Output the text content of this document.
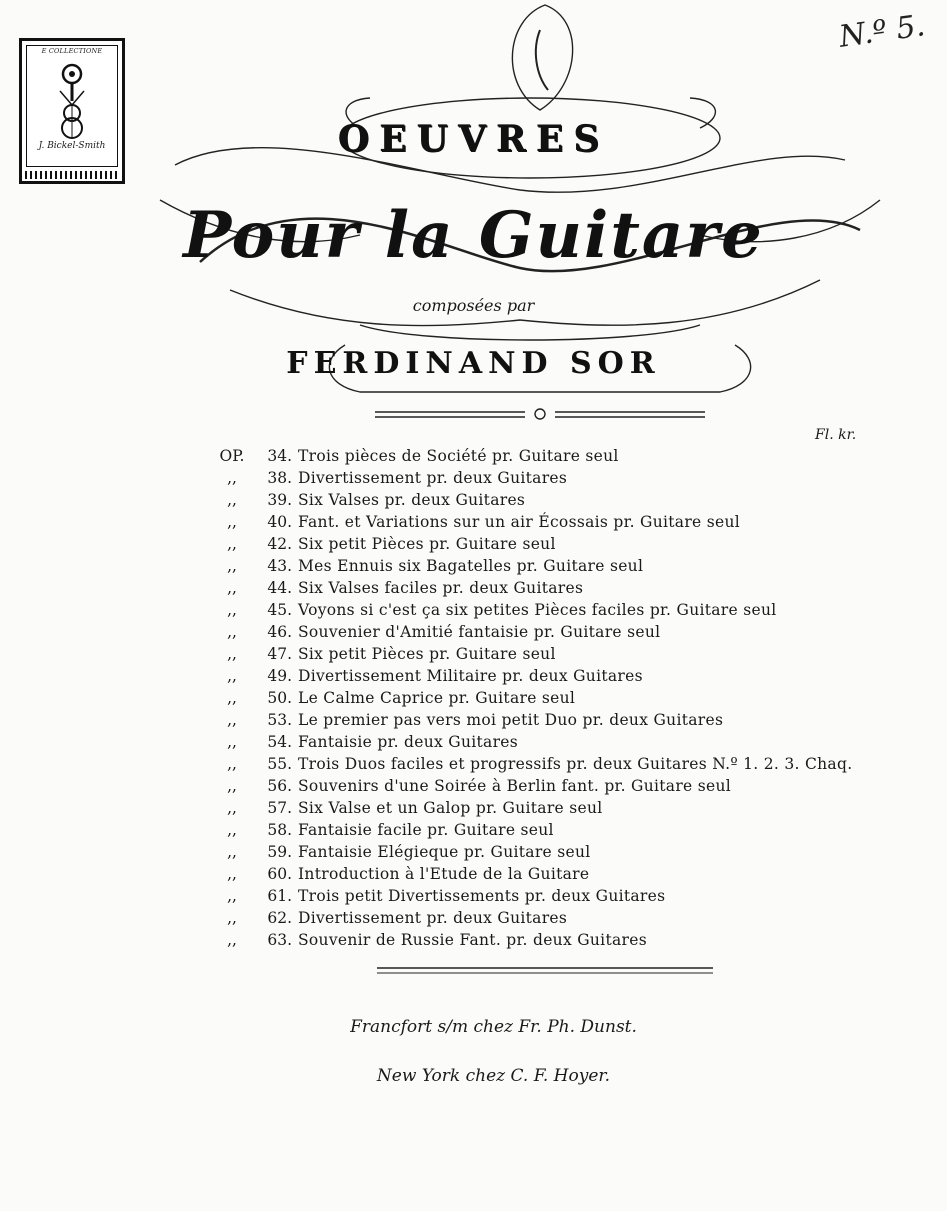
E COLLECTIONE
J. Bickel-Smith
N.º 5.
OEUVRES
Pour la Guitare
composées par
FERDINAND SOR
Fl. kr.
OP. 34. Trois pièces de Société pr. Guitare seul
,, 38. Divertissement pr. deux Guitares
,, 39. Six Valses pr. deux Guitares
,, 40. Fant. et Variations sur un air Écossais pr. Guitare seul
,, 42. Six petit Pièces pr. Guitare seul
,, 43. Mes Ennuis six Bagatelles pr. Guitare seul
,, 44. Six Valses faciles pr. deux Guitares
,, 45. Voyons si c'est ça six petites Pièces faciles pr. Guitare seul
,, 46. Souvenier d'Amitié fantaisie pr. Guitare seul
,, 47. Six petit Pièces pr. Guitare seul
,, 49. Divertissement Militaire pr. deux Guitares
,, 50. Le Calme Caprice pr. Guitare seul
,, 53. Le premier pas vers moi petit Duo pr. deux Guitares
,, 54. Fantaisie pr. deux Guitares
,, 55. Trois Duos faciles et progressifs pr. deux Guitares N.º 1. 2. 3. Chaq.
,, 56. Souvenirs d'une Soirée à Berlin fant. pr. Guitare seul
,, 57. Six Valse et un Galop pr. Guitare seul
,, 58. Fantaisie facile pr. Guitare seul
,, 59. Fantaisie Elégieque pr. Guitare seul
,, 60. Introduction à l'Etude de la Guitare
,, 61. Trois petit Divertissements pr. deux Guitares
,, 62. Divertissement pr. deux Guitares
,, 63. Souvenir de Russie Fant. pr. deux Guitares
Francfort s/m chez Fr. Ph. Dunst.
New York chez C. F. Hoyer.
